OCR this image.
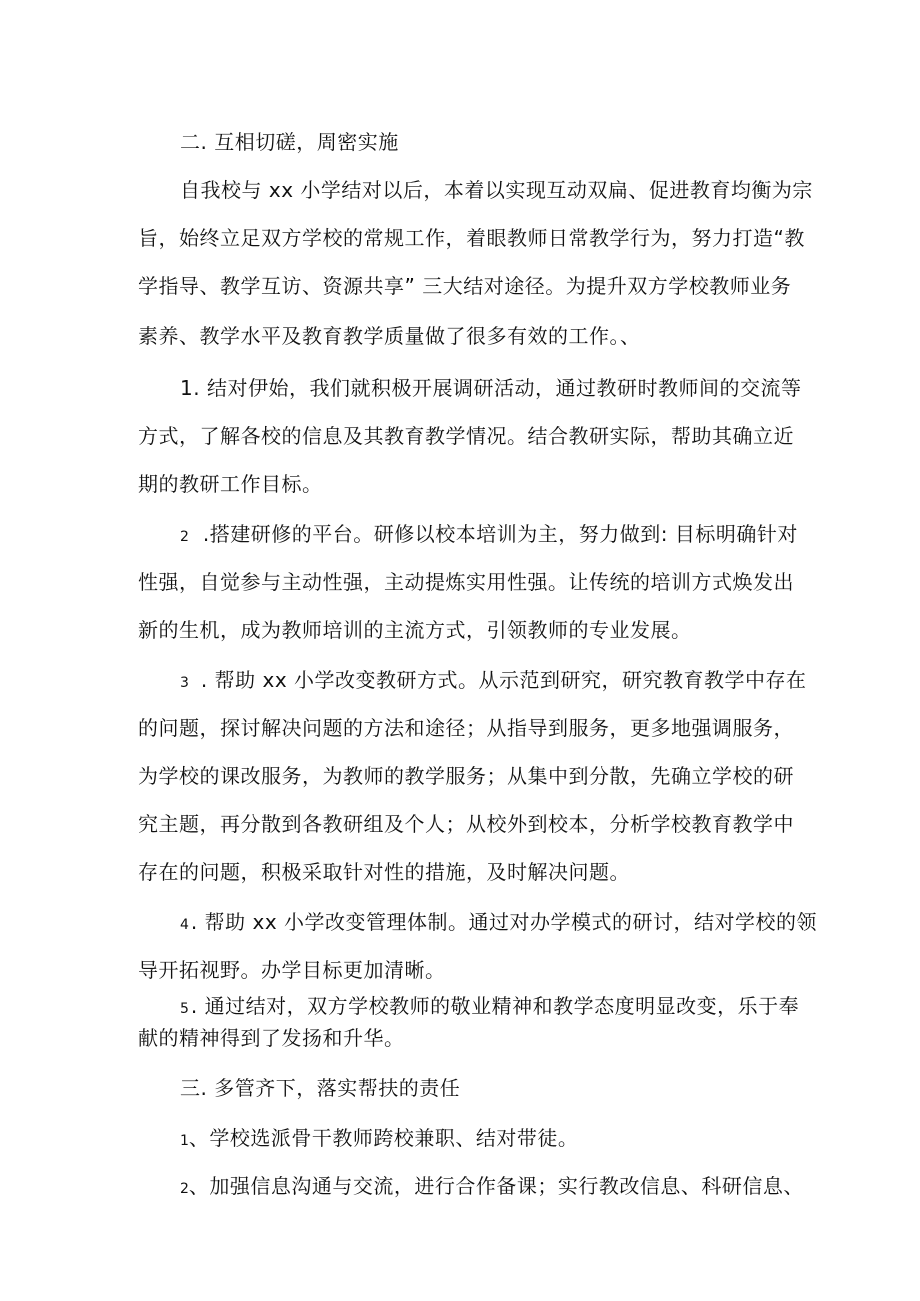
二. 互相切磋，周密实施
自我校与 xx 小学结对以后，本着以实现互动双扁、促进教育均衡为宗
旨，始终立足双方学校的常规工作，着眼教师日常教学行为，努力打造“教
学指导、教学互访、资源共享” 三大结对途径。为提升双方学校教师业务
素养、教学水平及教育教学质量做了很多有效的工作。、
1. 结对伊始，我们就积极开展调研活动，通过教研时教师间的交流等
方式，了解各校的信息及其教育教学情况。结合教研实际，帮助其确立近
期的教研工作目标。
2 .搭建研修的平台。研修以校本培训为主，努力做到: 目标明确针对
性强，自觉参与主动性强，主动提炼实用性强。让传统的培训方式焕发出
新的生机，成为教师培训的主流方式，引领教师的专业发展。
3 . 帮助 xx 小学改变教研方式。从示范到研究，研究教育教学中存在
的问题，探讨解决问题的方法和途径；从指导到服务，更多地强调服务，
为学校的课改服务，为教师的教学服务；从集中到分散，先确立学校的研
究主题，再分散到各教研组及个人；从校外到校本，分析学校教育教学中
存在的问题，积极采取针对性的措施，及时解决问题。
4 . 帮助 xx 小学改变管理体制。通过对办学模式的研讨，结对学校的领
导开拓视野。办学目标更加清晰。
5 . 通过结对，双方学校教师的敬业精神和教学态度明显改变，乐于奉
献的精神得到了发扬和升华。
三. 多管齐下，落实帮扶的责任
1、学校选派骨干教师跨校兼职、结对带徒。
2、加强信息沟通与交流，进行合作备课；实行教改信息、科研信息、
